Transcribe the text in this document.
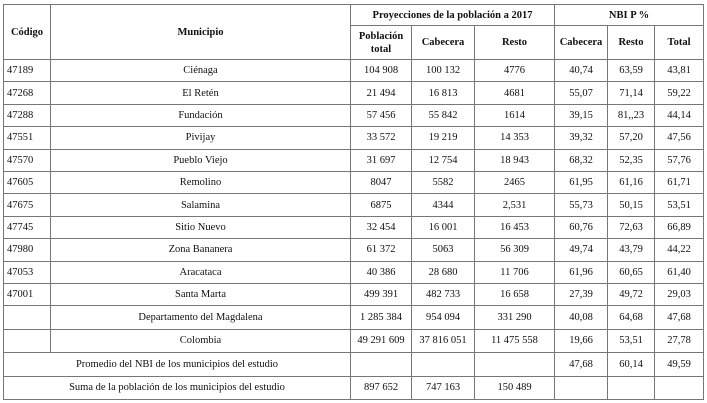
Código	Municipio	Proyecciones de la población a 2017			NBI P %		
		Población total	Cabecera	Resto	Cabecera	Resto	Total
47189	Ciénaga	104 908	100 132	4776	40,74	63,59	43,81
47268	El Retén	21 494	16 813	4681	55,07	71,14	59,22
47288	Fundación	57 456	55 842	1614	39,15	81,,23	44,14
47551	Pivijay	33 572	19 219	14 353	39,32	57,20	47,56
47570	Pueblo Viejo	31 697	12 754	18 943	68,32	52,35	57,76
47605	Remolino	8047	5582	2465	61,95	61,16	61,71
47675	Salamina	6875	4344	2,531	55,73	50,15	53,51
47745	Sitio Nuevo	32 454	16 001	16 453	60,76	72,63	66,89
47980	Zona Bananera	61 372	5063	56 309	49,74	43,79	44,22
47053	Aracataca	40 386	28 680	11 706	61,96	60,65	61,40
47001	Santa Marta	499 391	482 733	16 658	27,39	49,72	29,03
	Departamento del Magdalena	1 285 384	954 094	331 290	40,08	64,68	47,68
	Colombia	49 291 609	37 816 051	11 475 558	19,66	53,51	27,78
Promedio del NBI de los municipios del estudio					47,68	60,14	49,59
Suma de la población de los municipios del estudio		897 652	747 163	150 489			
